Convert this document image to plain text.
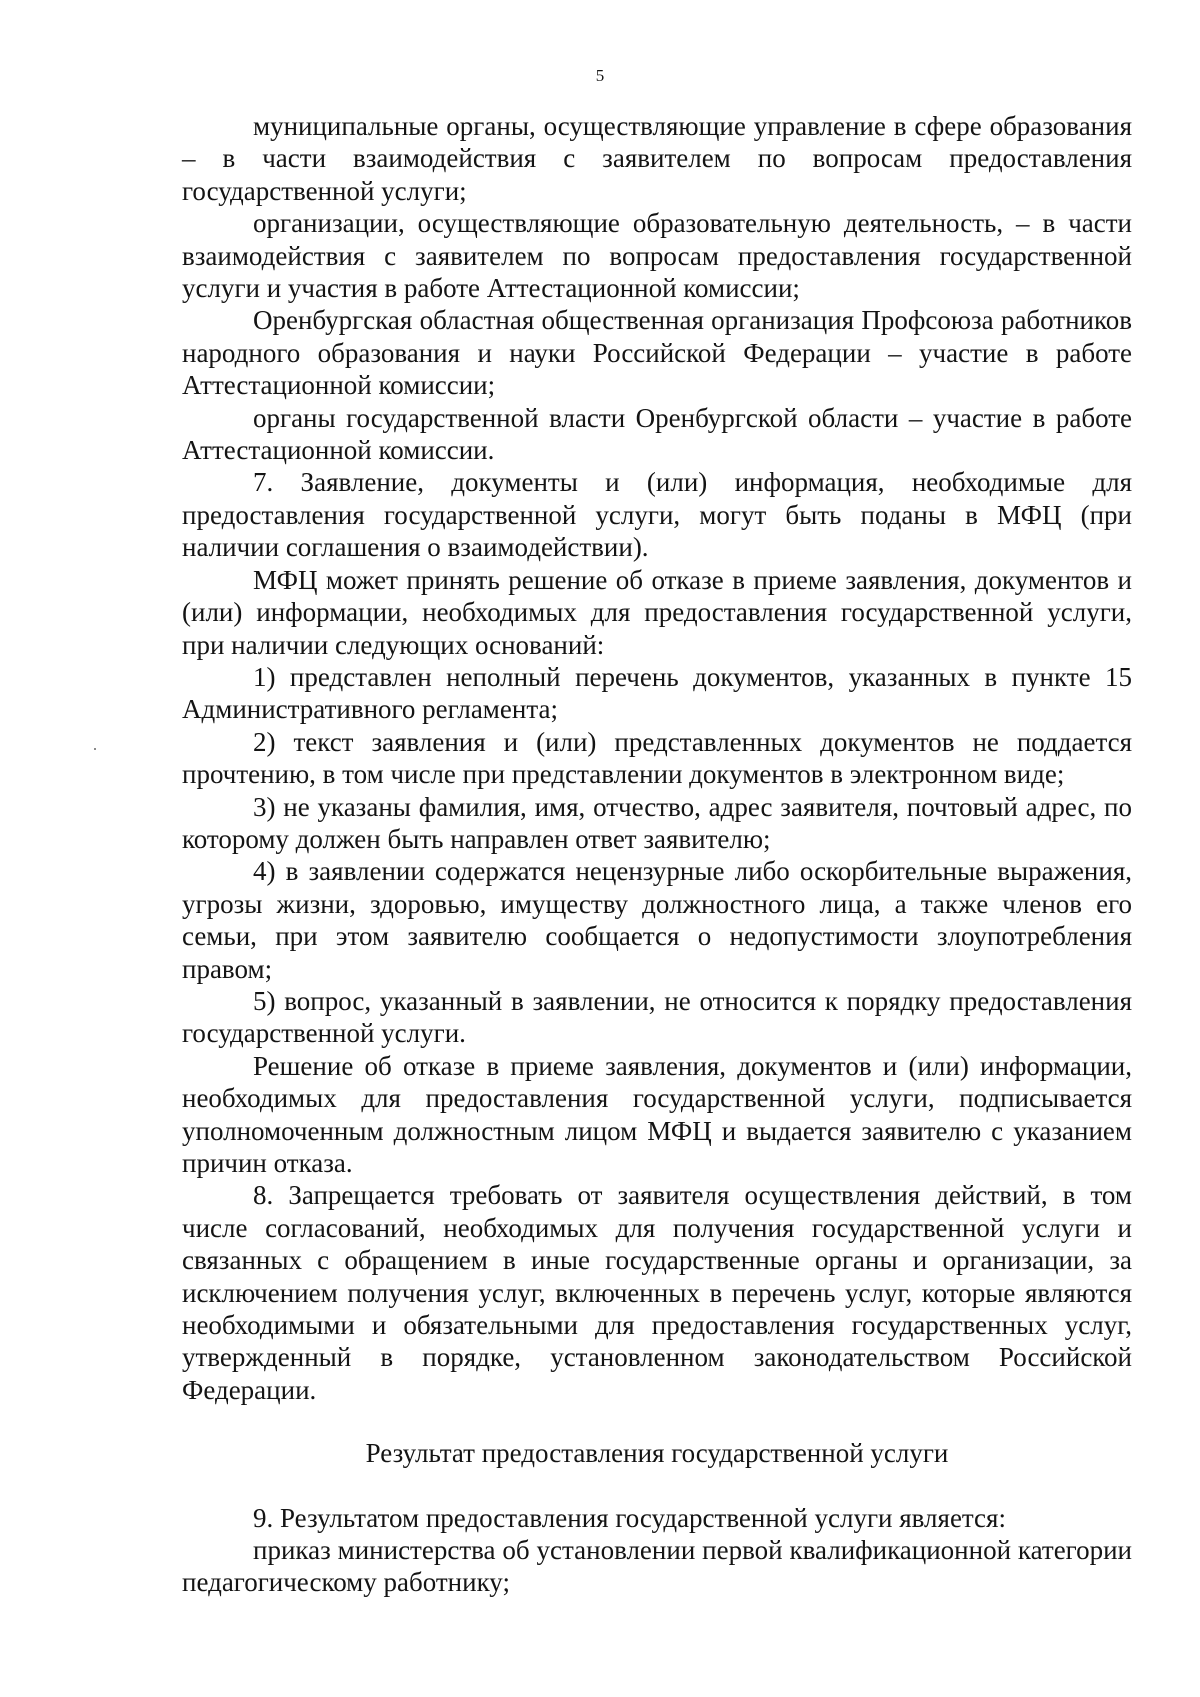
5

муниципальные органы, осуществляющие управление в сфере образования – в части взаимодействия с заявителем по вопросам предоставления государственной услуги;

организации, осуществляющие образовательную деятельность, – в части взаимодействия с заявителем по вопросам предоставления государственной услуги и участия в работе Аттестационной комиссии;

Оренбургская областная общественная организация Профсоюза работников народного образования и науки Российской Федерации – участие в работе Аттестационной комиссии;

органы государственной власти Оренбургской области – участие в работе Аттестационной комиссии.

7. Заявление, документы и (или) информация, необходимые для предоставления государственной услуги, могут быть поданы в МФЦ (при наличии соглашения о взаимодействии).

МФЦ может принять решение об отказе в приеме заявления, документов и (или) информации, необходимых для предоставления государственной услуги, при наличии следующих оснований:

1) представлен неполный перечень документов, указанных в пункте 15 Административного регламента;

2) текст заявления и (или) представленных документов не поддается прочтению, в том числе при представлении документов в электронном виде;

3) не указаны фамилия, имя, отчество, адрес заявителя, почтовый адрес, по которому должен быть направлен ответ заявителю;

4) в заявлении содержатся нецензурные либо оскорбительные выражения, угрозы жизни, здоровью, имуществу должностного лица, а также членов его семьи, при этом заявителю сообщается о недопустимости злоупотребления правом;

5) вопрос, указанный в заявлении, не относится к порядку предоставления государственной услуги.

Решение об отказе в приеме заявления, документов и (или) информации, необходимых для предоставления государственной услуги, подписывается уполномоченным должностным лицом МФЦ и выдается заявителю с указанием причин отказа.

8. Запрещается требовать от заявителя осуществления действий, в том числе согласований, необходимых для получения государственной услуги и связанных с обращением в иные государственные органы и организации, за исключением получения услуг, включенных в перечень услуг, которые являются необходимыми и обязательными для предоставления государственных услуг, утвержденный в порядке, установленном законодательством Российской Федерации.

Результат предоставления государственной услуги

9. Результатом предоставления государственной услуги является:

приказ министерства об установлении первой квалификационной категории педагогическому работнику;
